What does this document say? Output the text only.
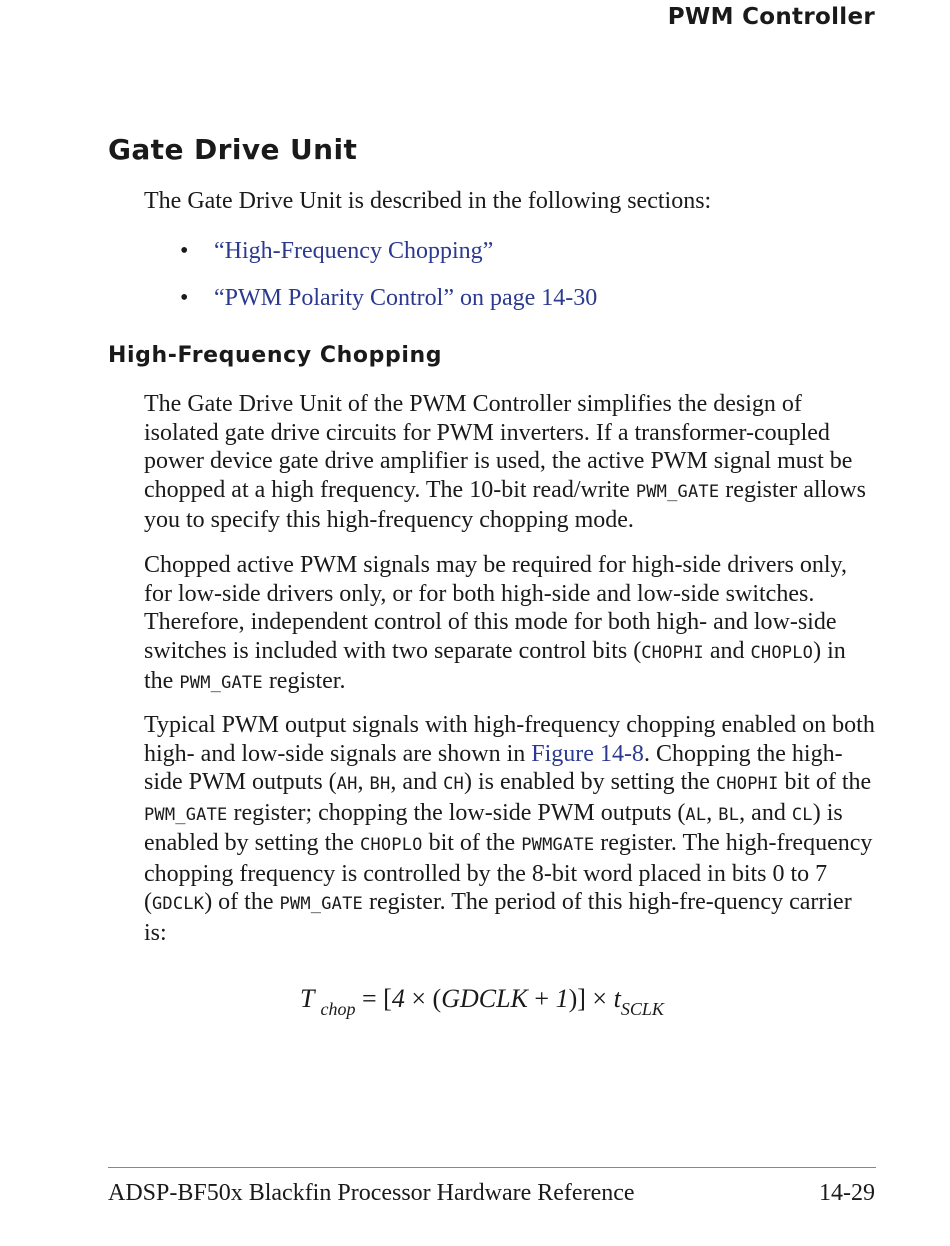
PWM Controller
Gate Drive Unit

The Gate Drive Unit is described in the following sections:

• “High-Frequency Chopping”
• “PWM Polarity Control” on page 14-30
High-Frequency Chopping

The Gate Drive Unit of the PWM Controller simplifies the design of isolated gate drive circuits for PWM inverters. If a transformer-coupled power device gate drive amplifier is used, the active PWM signal must be chopped at a high frequency. The 10-bit read/write PWM_GATE register allows you to specify this high-frequency chopping mode.

Chopped active PWM signals may be required for high-side drivers only, for low-side drivers only, or for both high-side and low-side switches. Therefore, independent control of this mode for both high- and low-side switches is included with two separate control bits (CHOPHI and CHOPLO) in the PWM_GATE register.

Typical PWM output signals with high-frequency chopping enabled on both high- and low-side signals are shown in Figure 14-8. Chopping the high-side PWM outputs (AH, BH, and CH) is enabled by setting the CHOPHI bit of the PWM_GATE register; chopping the low-side PWM outputs (AL, BL, and CL) is enabled by setting the CHOPLO bit of the PWMGATE register. The high-frequency chopping frequency is controlled by the 8-bit word placed in bits 0 to 7 (GDCLK) of the PWM_GATE register. The period of this high-fre-quency carrier is:

T $_{chop}$ = [4 × (GDCLK + $1)] \times t_{SCLK}$
ADSP-BF50x Blackfin Processor Hardware Reference	14-29
